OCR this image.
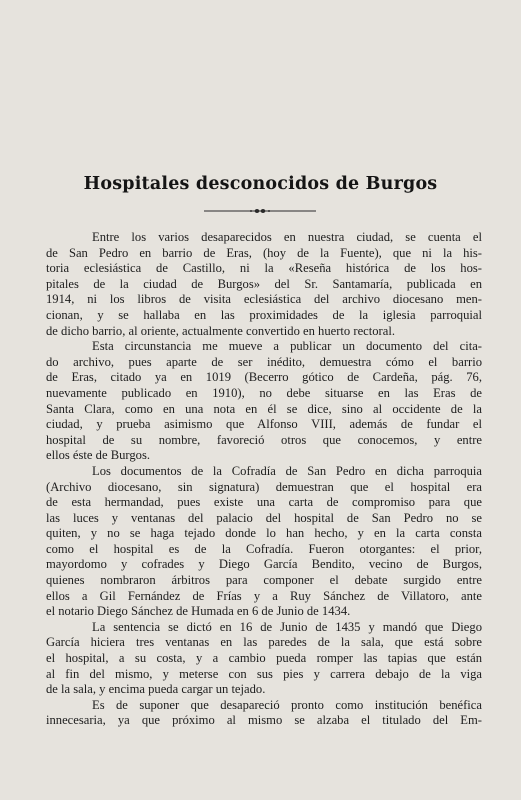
Hospitales desconocidos de Burgos
Entre los varios desaparecidos en nuestra ciudad, se cuenta el
de San Pedro en barrio de Eras, (hoy de la Fuente), que ni la his-
toria eclesiástica de Castillo, ni la «Reseña histórica de los hos-
pitales de la ciudad de Burgos» del Sr. Santamaría, publicada en
1914, ni los libros de visita eclesiástica del archivo diocesano men-
cionan, y se hallaba en las proximidades de la iglesia parroquial
de dicho barrio, al oriente, actualmente convertido en huerto rectoral.
Esta circunstancia me mueve a publicar un documento del cita-
do archivo, pues aparte de ser inédito, demuestra cómo el barrio
de Eras, citado ya en 1019 (Becerro gótico de Cardeña, pág. 76,
nuevamente publicado en 1910), no debe situarse en las Eras de
Santa Clara, como en una nota en él se dice, sino al occidente de la
ciudad, y prueba asimismo que Alfonso VIII, además de fundar el
hospital de su nombre, favoreció otros que conocemos, y entre
ellos éste de Burgos.
Los documentos de la Cofradía de San Pedro en dicha parroquia
(Archivo diocesano, sin signatura) demuestran que el hospital era
de esta hermandad, pues existe una carta de compromiso para que
las luces y ventanas del palacio del hospital de San Pedro no se
quiten, y no se haga tejado donde lo han hecho, y en la carta consta
como el hospital es de la Cofradía. Fueron otorgantes: el prior,
mayordomo y cofrades y Diego García Bendito, vecino de Burgos,
quienes nombraron árbitros para componer el debate surgido entre
ellos a Gil Fernández de Frías y a Ruy Sánchez de Villatoro, ante
el notario Diego Sánchez de Humada en 6 de Junio de 1434.
La sentencia se dictó en 16 de Junio de 1435 y mandó que Diego
García hiciera tres ventanas en las paredes de la sala, que está sobre
el hospital, a su costa, y a cambio pueda romper las tapias que están
al fin del mismo, y meterse con sus pies y carrera debajo de la viga
de la sala, y encima pueda cargar un tejado.
Es de suponer que desapareció pronto como institución benéfica
innecesaria, ya que próximo al mismo se alzaba el titulado del Em-
